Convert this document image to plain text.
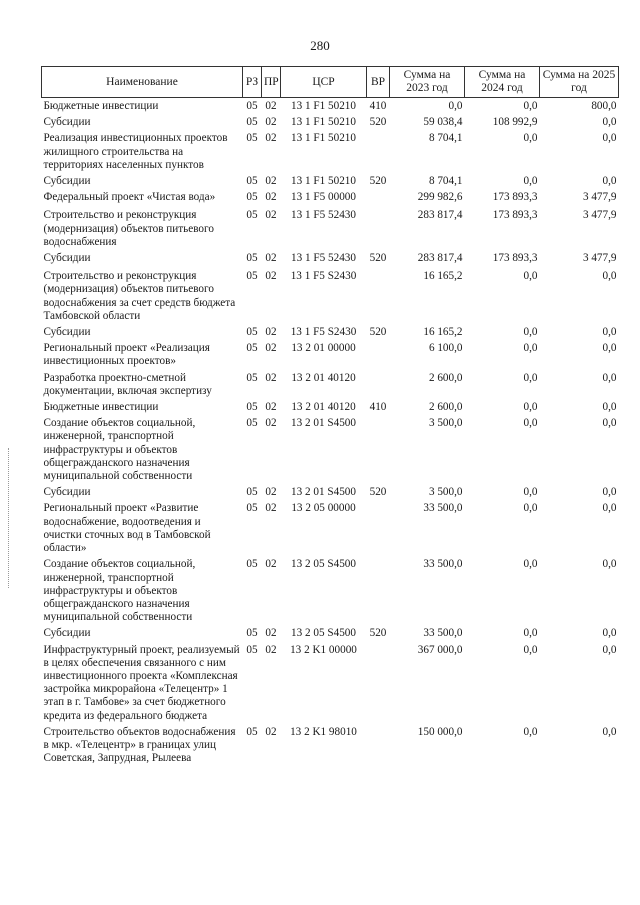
280
Наименование	РЗ	ПР	ЦСР	ВР	Сумма на 2023 год	Сумма на 2024 год	Сумма на 2025 год

Бюджетные инвестиции	05	02	13 1 F1 50210	410	0,0	0,0	800,0

Субсидии	05	02	13 1 F1 50210	520	59 038,4	108 992,9	0,0

Реализация инвестиционных проектов жилищного строительства на территориях населенных пунктов	05	02	13 1 F1 50210		8 704,1	0,0	0,0

Субсидии	05	02	13 1 F1 50210	520	8 704,1	0,0	0,0

Федеральный проект «Чистая вода»	05	02	13 1 F5 00000		299 982,6	173 893,3	3 477,9

Строительство и реконструкция (модернизация) объектов питьевого водоснабжения	05	02	13 1 F5 52430		283 817,4	173 893,3	3 477,9

Субсидии	05	02	13 1 F5 52430	520	283 817,4	173 893,3	3 477,9

Строительство и реконструкция (модернизация) объектов питьевого водоснабжения за счет средств бюджета Тамбовской области	05	02	13 1 F5 S2430		16 165,2	0,0	0,0

Субсидии	05	02	13 1 F5 S2430	520	16 165,2	0,0	0,0

Региональный проект «Реализация инвестиционных проектов»	05	02	13 2 01 00000		6 100,0	0,0	0,0

Разработка проектно-сметной документации, включая экспертизу	05	02	13 2 01 40120		2 600,0	0,0	0,0

Бюджетные инвестиции	05	02	13 2 01 40120	410	2 600,0	0,0	0,0

Создание объектов социальной, инженерной, транспортной инфраструктуры и объектов общегражданского назначения муниципальной собственности	05	02	13 2 01 S4500		3 500,0	0,0	0,0

Субсидии	05	02	13 2 01 S4500	520	3 500,0	0,0	0,0

Региональный проект «Развитие водоснабжение, водоотведения и очистки сточных вод в Тамбовской области»	05	02	13 2 05 00000		33 500,0	0,0	0,0

Создание объектов социальной, инженерной, транспортной инфраструктуры и объектов общегражданского назначения муниципальной собственности	05	02	13 2 05 S4500		33 500,0	0,0	0,0

Субсидии	05	02	13 2 05 S4500	520	33 500,0	0,0	0,0

Инфраструктурный проект, реализуемый в целях обеспечения связанного с ним инвестиционного проекта «Комплексная застройка микрорайона «Телецентр» 1 этап в г. Тамбове» за счет бюджетного кредита из федерального бюджета	05	02	13 2 K1 00000		367 000,0	0,0	0,0

Строительство объектов водоснабжения в мкр. «Телецентр» в границах улиц Советская, Запрудная, Рылеева	05	02	13 2 K1 98010		150 000,0	0,0	0,0
